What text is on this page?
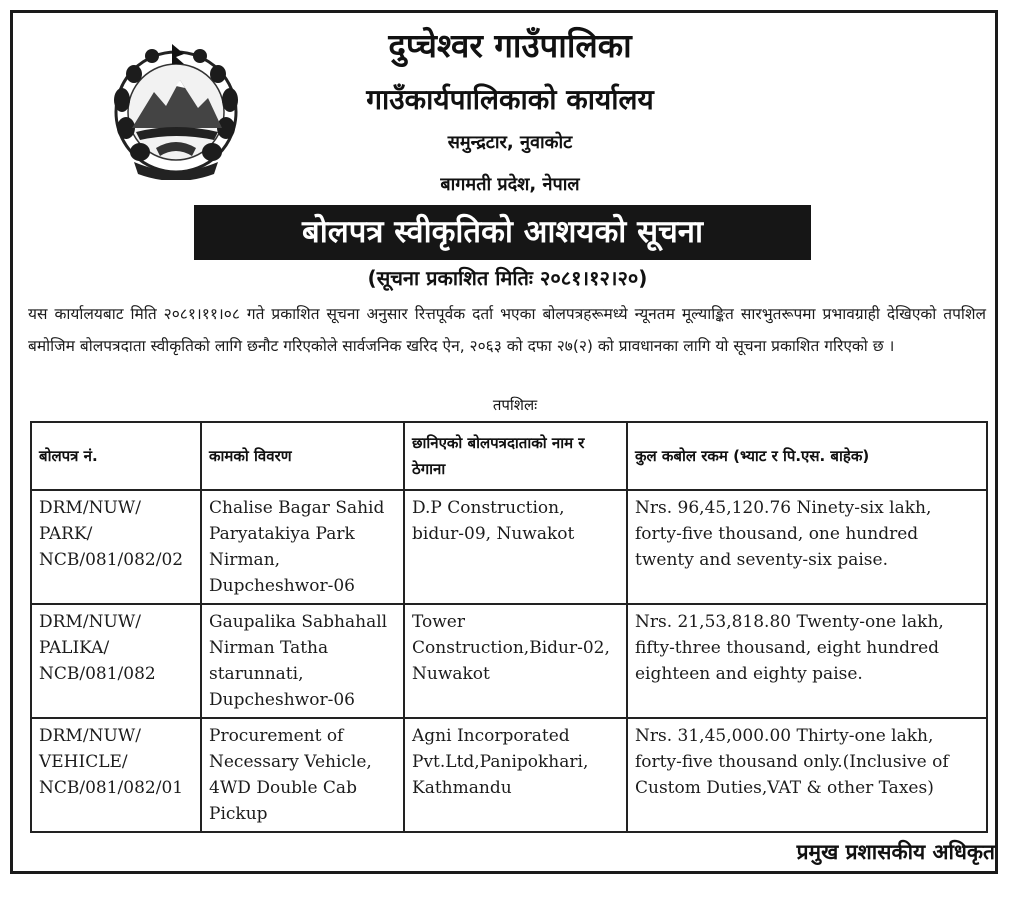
दुप्चेश्वर गाउँपालिका
गाउँकार्यपालिकाको कार्यालय
समुन्द्रटार, नुवाकोट
बागमती प्रदेश, नेपाल
बोलपत्र स्वीकृतिको आशयको सूचना
(सूचना प्रकाशित मितिः २०८१।१२।२०)
यस कार्यालयबाट मिति २०८१।११।०८ गते प्रकाशित सूचना अनुसार रित्तपूर्वक दर्ता भएका बोलपत्रहरूमध्ये न्यूनतम मूल्याङ्कित सारभुतरूपमा प्रभावग्राही देखिएको तपशिल बमोजिम बोलपत्रदाता स्वीकृतिको लागि छनौट गरिएकोले सार्वजनिक खरिद ऐन, २०६३ को दफा २७(२) को प्रावधानका लागि यो सूचना प्रकाशित गरिएको छ ।
तपशिलः
बोलपत्र नं.	कामको विवरण	छानिएको बोलपत्रदाताको नाम र ठेगाना	कुल कबोल रकम (भ्याट र पि.एस. बाहेक)
DRM/NUW/ PARK/ NCB/081/082/02	Chalise Bagar Sahid Paryatakiya Park Nirman, Dupcheshwor-06	D.P Construction, bidur-09, Nuwakot	Nrs. 96,45,120.76 Ninety-six lakh, forty-five thousand, one hundred twenty and seventy-six paise.
DRM/NUW/ PALIKA/ NCB/081/082	Gaupalika Sabhahall Nirman Tatha starunnati, Dupcheshwor-06	Tower Construction,Bidur-02, Nuwakot	Nrs. 21,53,818.80 Twenty-one lakh, fifty-three thousand, eight hundred eighteen and eighty paise.
DRM/NUW/ VEHICLE/ NCB/081/082/01	Procurement of Necessary Vehicle, 4WD Double Cab Pickup	Agni Incorporated Pvt.Ltd,Panipokhari, Kathmandu	Nrs. 31,45,000.00 Thirty-one lakh, forty-five thousand only.(Inclusive of Custom Duties,VAT & other Taxes)
प्रमुख प्रशासकीय अधिकृत
